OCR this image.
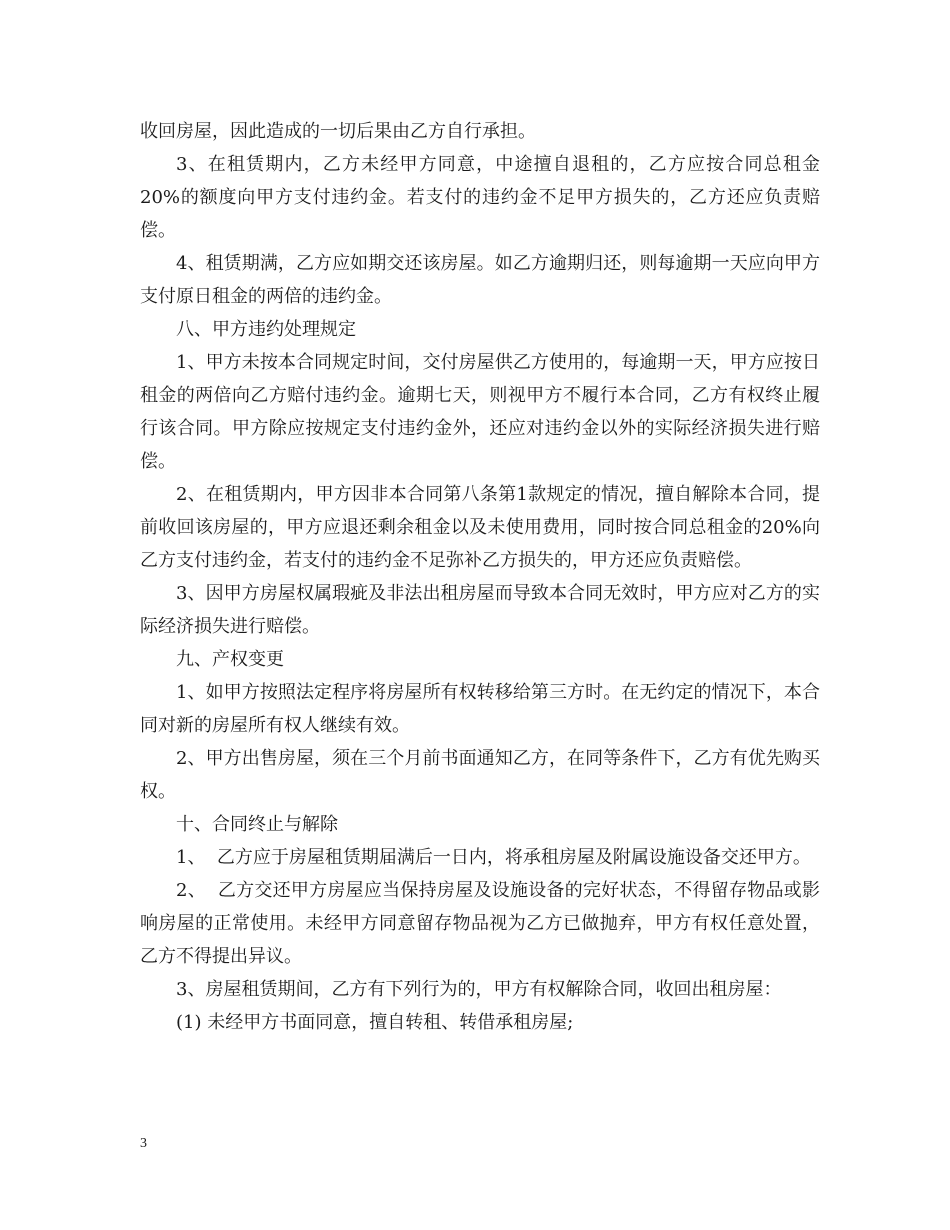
收回房屋，因此造成的一切后果由乙方自行承担。

3、在租赁期内，乙方未经甲方同意，中途擅自退租的，乙方应按合同总租金20%的额度向甲方支付违约金。若支付的违约金不足甲方损失的，乙方还应负责赔偿。

4、租赁期满，乙方应如期交还该房屋。如乙方逾期归还，则每逾期一天应向甲方支付原日租金的两倍的违约金。

八、甲方违约处理规定

1、甲方未按本合同规定时间，交付房屋供乙方使用的，每逾期一天，甲方应按日租金的两倍向乙方赔付违约金。逾期七天，则视甲方不履行本合同，乙方有权终止履行该合同。甲方除应按规定支付违约金外，还应对违约金以外的实际经济损失进行赔偿。

2、在租赁期内，甲方因非本合同第八条第1款规定的情况，擅自解除本合同，提前收回该房屋的，甲方应退还剩余租金以及未使用费用，同时按合同总租金的20%向乙方支付违约金，若支付的违约金不足弥补乙方损失的，甲方还应负责赔偿。

3、因甲方房屋权属瑕疵及非法出租房屋而导致本合同无效时，甲方应对乙方的实际经济损失进行赔偿。

九、产权变更

1、如甲方按照法定程序将房屋所有权转移给第三方时。在无约定的情况下，本合同对新的房屋所有权人继续有效。

2、甲方出售房屋，须在三个月前书面通知乙方，在同等条件下，乙方有优先购买权。

十、合同终止与解除

1、  乙方应于房屋租赁期届满后一日内，将承租房屋及附属设施设备交还甲方。

2、  乙方交还甲方房屋应当保持房屋及设施设备的完好状态，不得留存物品或影响房屋的正常使用。未经甲方同意留存物品视为乙方已做抛弃，甲方有权任意处置，乙方不得提出异议。

3、房屋租赁期间，乙方有下列行为的，甲方有权解除合同，收回出租房屋：

(1) 未经甲方书面同意，擅自转租、转借承租房屋;

3
